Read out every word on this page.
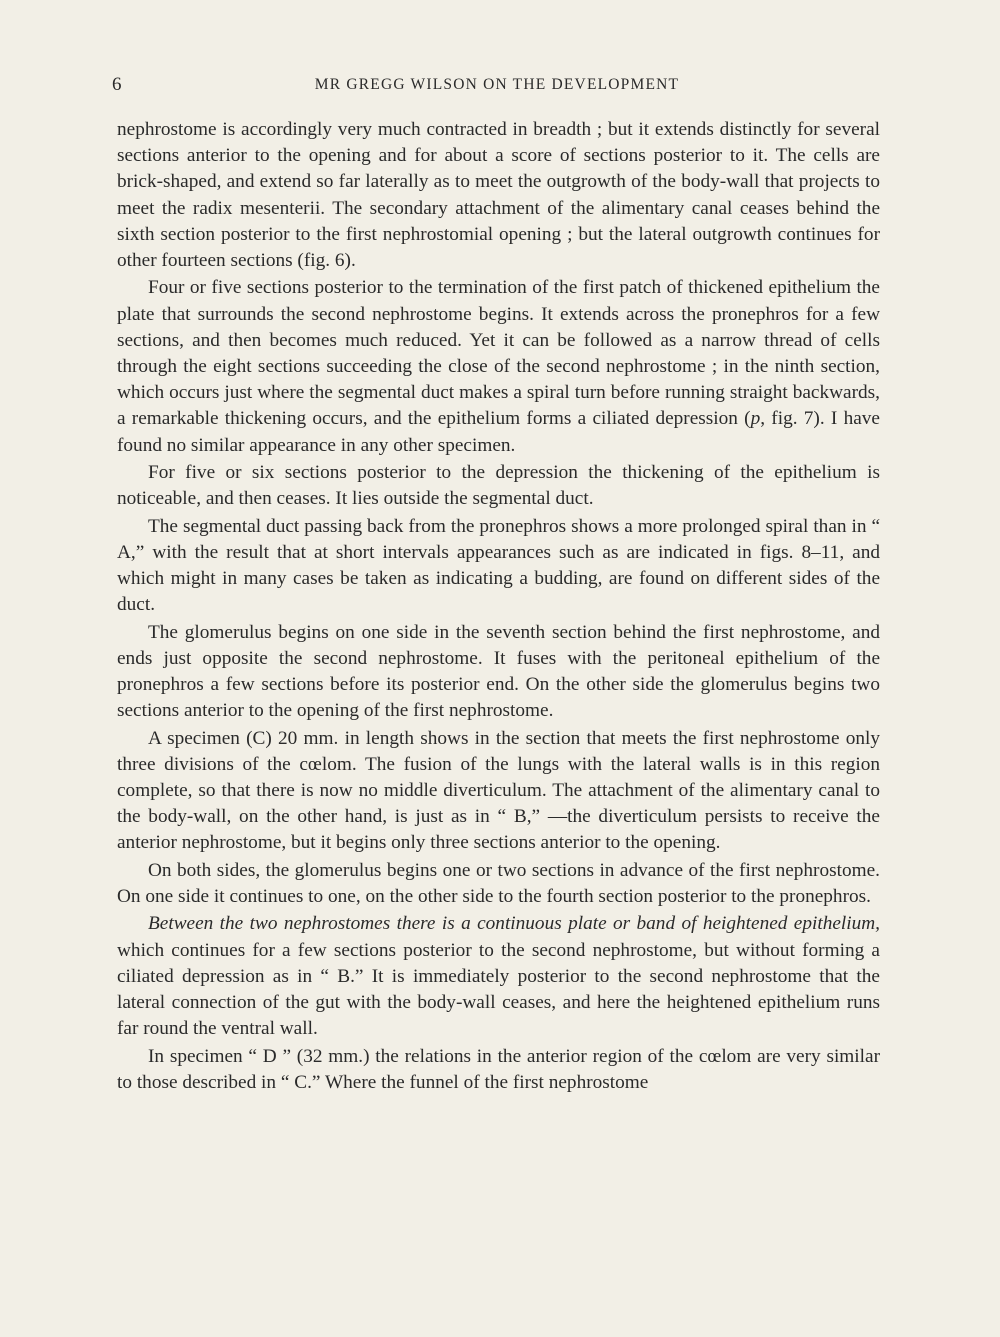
6	MR GREGG WILSON ON THE DEVELOPMENT

nephrostome is accordingly very much contracted in breadth ; but it extends distinctly for several sections anterior to the opening and for about a score of sections posterior to it. The cells are brick-shaped, and extend so far laterally as to meet the outgrowth of the body-wall that projects to meet the radix mesenterii. The secondary attachment of the alimentary canal ceases behind the sixth section posterior to the first nephrostomial opening ; but the lateral outgrowth continues for other fourteen sections (fig. 6).

Four or five sections posterior to the termination of the first patch of thickened epithelium the plate that surrounds the second nephrostome begins. It extends across the pronephros for a few sections, and then becomes much reduced. Yet it can be followed as a narrow thread of cells through the eight sections succeeding the close of the second nephrostome ; in the ninth section, which occurs just where the segmental duct makes a spiral turn before running straight backwards, a remarkable thickening occurs, and the epithelium forms a ciliated depression (p, fig. 7). I have found no similar appearance in any other specimen.

For five or six sections posterior to the depression the thickening of the epithelium is noticeable, and then ceases. It lies outside the segmental duct.

The segmental duct passing back from the pronephros shows a more prolonged spiral than in “ A,” with the result that at short intervals appearances such as are indicated in figs. 8–11, and which might in many cases be taken as indicating a budding, are found on different sides of the duct.

The glomerulus begins on one side in the seventh section behind the first nephrostome, and ends just opposite the second nephrostome. It fuses with the peritoneal epithelium of the pronephros a few sections before its posterior end. On the other side the glomerulus begins two sections anterior to the opening of the first nephrostome.

A specimen (C) 20 mm. in length shows in the section that meets the first nephrostome only three divisions of the cœlom. The fusion of the lungs with the lateral walls is in this region complete, so that there is now no middle diverticulum. The attachment of the alimentary canal to the body-wall, on the other hand, is just as in “ B,” —the diverticulum persists to receive the anterior nephrostome, but it begins only three sections anterior to the opening.

On both sides, the glomerulus begins one or two sections in advance of the first nephrostome. On one side it continues to one, on the other side to the fourth section posterior to the pronephros.

Between the two nephrostomes there is a continuous plate or band of heightened epithelium, which continues for a few sections posterior to the second nephrostome, but without forming a ciliated depression as in “ B.” It is immediately posterior to the second nephrostome that the lateral connection of the gut with the body-wall ceases, and here the heightened epithelium runs far round the ventral wall.

In specimen “ D ” (32 mm.) the relations in the anterior region of the cœlom are very similar to those described in “ C.” Where the funnel of the first nephrostome
